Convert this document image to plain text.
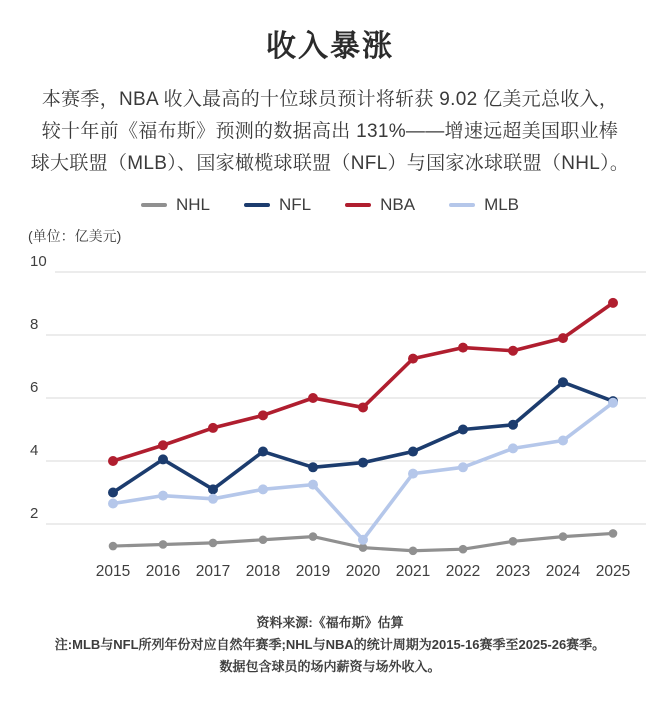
收入暴涨
本赛季，NBA 收入最高的十位球员预计将斩获 9.02 亿美元总收入，
较十年前《福布斯》预测的数据高出 131%——增速远超美国职业棒
球大联盟（MLB）、国家橄榄球联盟（NFL）与国家冰球联盟（NHL）。
NHL	NFL	NBA	MLB
(单位：亿美元)
10
8
6
4
2
2015 2016 2017 2018 2019 2020 2021 2022 2023 2024 2025
资料来源:《福布斯》估算
注:MLB与NFL所列年份对应自然年赛季;NHL与NBA的统计周期为2015-16赛季至2025-26赛季。
数据包含球员的场内薪资与场外收入。
